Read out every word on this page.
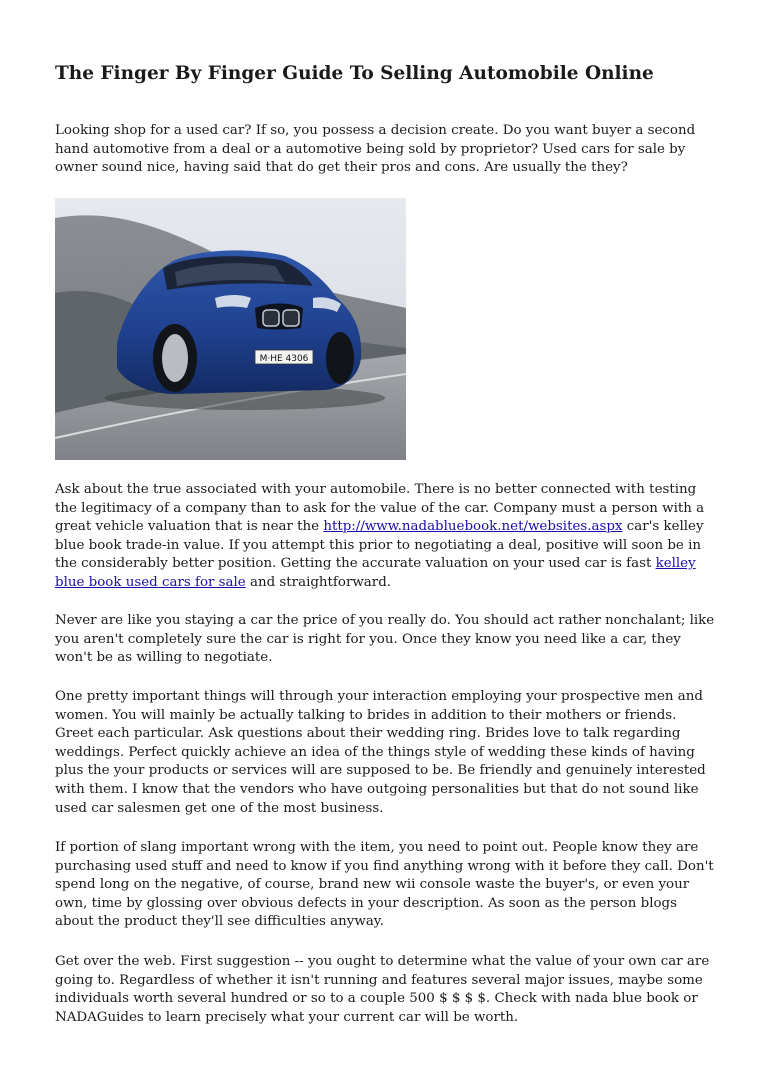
The Finger By Finger Guide To Selling Automobile Online

Looking shop for a used car? If so, you possess a decision create. Do you want buyer a second hand automotive from a deal or a automotive being sold by proprietor? Used cars for sale by owner sound nice, having said that do get their pros and cons. Are usually the they?

M·HE 4306

Ask about the true associated with your automobile. There is no better connected with testing the legitimacy of a company than to ask for the value of the car. Company must a person with a great vehicle valuation that is near the http://www.nadabluebook.net/websites.aspx car's kelley blue book trade-in value. If you attempt this prior to negotiating a deal, positive will soon be in the considerably better position. Getting the accurate valuation on your used car is fast kelley blue book used cars for sale and straightforward.

Never are like you staying a car the price of you really do. You should act rather nonchalant; like you aren't completely sure the car is right for you. Once they know you need like a car, they won't be as willing to negotiate.

One pretty important things will through your interaction employing your prospective men and women. You will mainly be actually talking to brides in addition to their mothers or friends. Greet each particular. Ask questions about their wedding ring. Brides love to talk regarding weddings. Perfect quickly achieve an idea of the things style of wedding these kinds of having plus the your products or services will are supposed to be. Be friendly and genuinely interested with them. I know that the vendors who have outgoing personalities but that do not sound like used car salesmen get one of the most business.

If portion of slang important wrong with the item, you need to point out. People know they are purchasing used stuff and need to know if you find anything wrong with it before they call. Don't spend long on the negative, of course, brand new wii console waste the buyer's, or even your own, time by glossing over obvious defects in your description. As soon as the person blogs about the product they'll see difficulties anyway.

Get over the web. First suggestion -- you ought to determine what the value of your own car are going to. Regardless of whether it isn't running and features several major issues, maybe some individuals worth several hundred or so to a couple 500 $ $ $ $. Check with nada blue book or NADAGuides to learn precisely what your current car will be worth.
